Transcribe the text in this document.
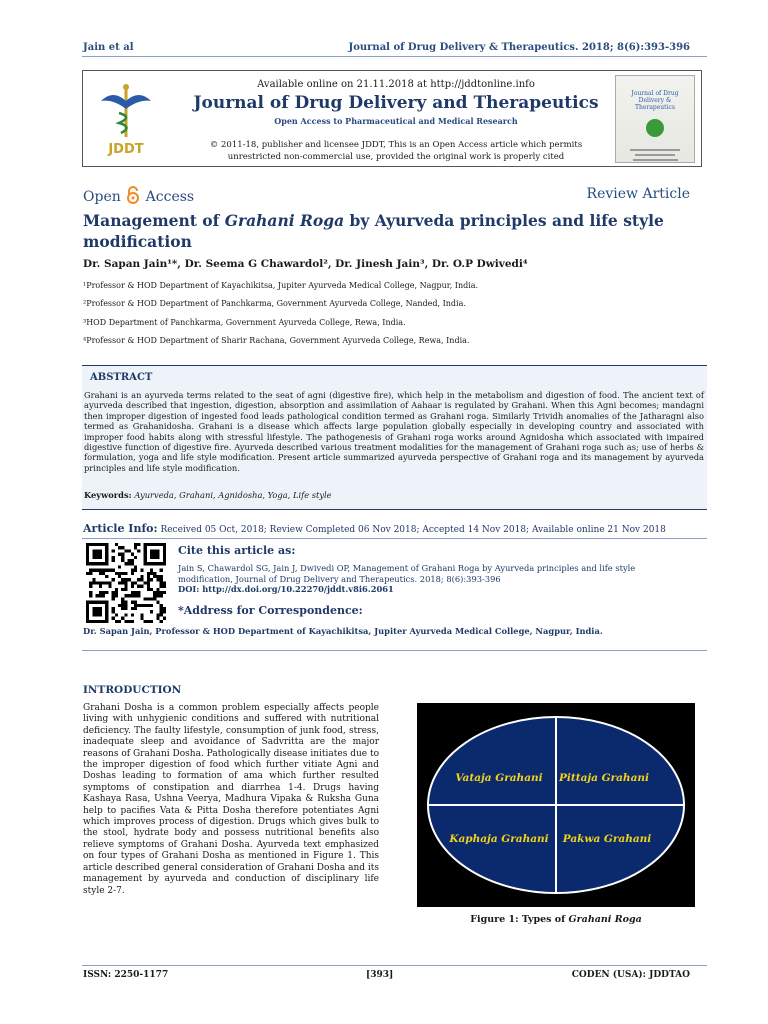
Jain et al	Journal of Drug Delivery & Therapeutics. 2018; 8(6):393-396
JDDT
Available online on 21.11.2018 at http://jddtonline.info
Journal of Drug Delivery and Therapeutics
Open Access to Pharmaceutical and Medical Research
© 2011-18, publisher and licensee JDDT, This is an Open Access article which permits
unrestricted non-commercial use, provided the original work is properly cited
Journal of Drug Delivery & Therapeutics
Open Access	Review Article
Management of Grahani Roga by Ayurveda principles and life style
modification
Dr. Sapan Jain¹*, Dr. Seema G Chawardol², Dr. Jinesh Jain³, Dr. O.P Dwivedi⁴
¹Professor & HOD Department of Kayachikitsa, Jupiter Ayurveda Medical College, Nagpur, India.
²Professor & HOD Department of Panchkarma, Government Ayurveda College, Nanded, India.
³HOD Department of Panchkarma, Government Ayurveda College, Rewa, India.
⁴Professor & HOD Department of Sharir Rachana, Government Ayurveda College, Rewa, India.
ABSTRACT
Grahani is an ayurveda terms related to the seat of agni (digestive fire), which help in the metabolism and digestion of food. The ancient text of ayurveda described that ingestion, digestion, absorption and assimilation of Aahaar is regulated by Grahani. When this Agni becomes; mandagni then improper digestion of ingested food leads pathological condition termed as Grahani roga. Similarly Trividh anomalies of the Jatharagni also termed as Grahanidosha. Grahani is a disease which affects large population globally especially in developing country and associated with improper food habits along with stressful lifestyle. The pathogenesis of Grahani roga works around Agnidosha which associated with impaired digestive function of digestive fire. Ayurveda described various treatment modalities for the management of Grahani roga such as; use of herbs & formulation, yoga and life style modification. Present article summarized ayurveda perspective of Grahani roga and its management by ayurveda principles and life style modification.
Keywords: Ayurveda, Grahani, Agnidosha, Yoga, Life style
Article Info: Received 05 Oct, 2018; Review Completed 06 Nov 2018; Accepted 14 Nov 2018; Available online 21 Nov 2018
Cite this article as:
Jain S, Chawardol SG, Jain J, Dwivedi OP, Management of Grahani Roga by Ayurveda principles and life style
modification, Journal of Drug Delivery and Therapeutics. 2018; 8(6):393-396
DOI: http://dx.doi.org/10.22270/jddt.v8i6.2061
*Address for Correspondence:
Dr. Sapan Jain, Professor & HOD Department of Kayachikitsa, Jupiter Ayurveda Medical College, Nagpur, India.
INTRODUCTION
Grahani Dosha is a common problem especially affects people living with unhygienic conditions and suffered with nutritional deficiency. The faulty lifestyle, consumption of junk food, stress, inadequate sleep and avoidance of Sadvritta are the major reasons of Grahani Dosha. Pathologically disease initiates due to the improper digestion of food which further vitiate Agni and Doshas leading to formation of ama which further resulted symptoms of constipation and diarrhea 1-4. Drugs having Kashaya Rasa, Ushna Veerya, Madhura Vipaka & Ruksha Guna help to pacifies Vata & Pitta Dosha therefore potentiates Agni which improves process of digestion. Drugs which gives bulk to the stool, hydrate body and possess nutritional benefits also relieve symptoms of Grahani Dosha. Ayurveda text emphasized on four types of Grahani Dosha as mentioned in Figure 1. This article described general consideration of Grahani Dosha and its management by ayurveda and conduction of disciplinary life style 2-7.
Vataja Grahani Pittaja Grahani
Kaphaja Grahani Pakwa Grahani
Figure 1: Types of Grahani Roga
ISSN: 2250-1177	[393]	CODEN (USA): JDDTAO
